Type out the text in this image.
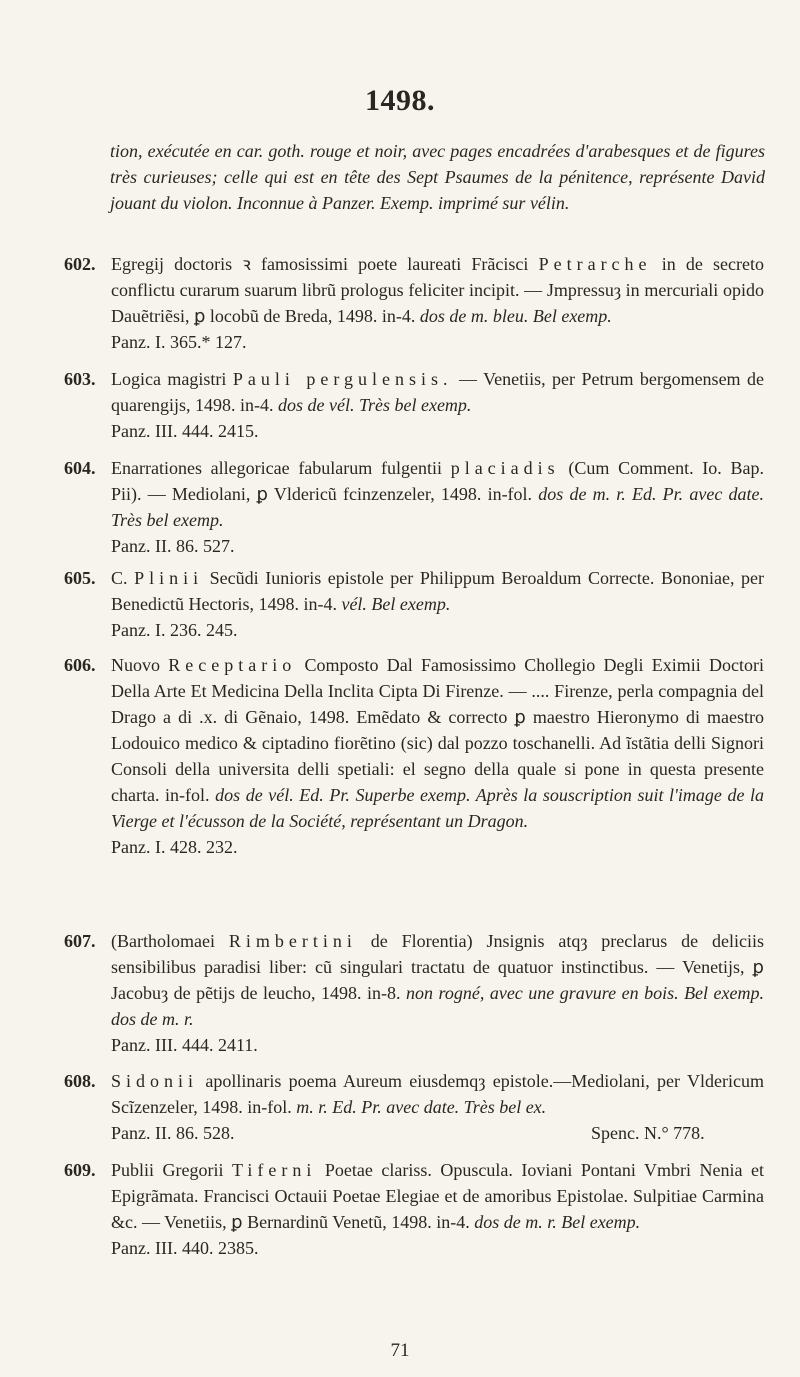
1498.
tion, exécutée en car. goth. rouge et noir, avec pages encadrées d'arabesques et de figures très curieuses; celle qui est en tête des Sept Psaumes de la pénitence, représente David jouant du violon. Inconnue à Panzer. Exemp. imprimé sur vélin.
602. Egregij doctoris ꝛ famosissimi poete laureati Frãcisci Petrarche in de secreto conflictu curarum suarum librũ prologus feliciter incipit. — Jmpressuȝ in mercuriali opido Dauẽtriẽsi, ꝑ locobũ de Breda, 1498. in-4. dos de m. bleu. Bel exemp.
Panz. I. 365.* 127.
603. Logica magistri Pauli pergulensis. — Venetiis, per Petrum bergomensem de quarengijs, 1498. in-4. dos de vél. Très bel exemp.
Panz. III. 444. 2415.
604. Enarrationes allegoricae fabularum fulgentii placiadis (Cum Comment. Io. Bap. Pii). — Mediolani, ꝑ Vldericũ fcinzenzeler, 1498. in-fol. dos de m. r. Ed. Pr. avec date. Très bel exemp.
Panz. II. 86. 527.
605. C. Plinii Secũdi Iunioris epistole per Philippum Beroaldum Correcte. Bononiae, per Benedictũ Hectoris, 1498. in-4. vél. Bel exemp.
Panz. I. 236. 245.
606. Nuovo Receptario Composto Dal Famosissimo Chollegio Degli Eximii Doctori Della Arte Et Medicina Della Inclita Cipta Di Firenze. — .... Firenze, perla compagnia del Drago a di .x. di Gẽnaio, 1498. Emẽdato & correcto ꝑ maestro Hieronymo di maestro Lodouico medico & ciptadino fiorẽtino (sic) dal pozzo toschanelli. Ad ĩstãtia delli Signori Consoli della universita delli spetiali: el segno della quale si pone in questa presente charta. in-fol. dos de vél. Ed. Pr. Superbe exemp. Après la souscription suit l'image de la Vierge et l'écusson de la Société, représentant un Dragon.
Panz. I. 428. 232.
607. (Bartholomaei Rimbertini de Florentia) Jnsignis atqȝ preclarus de deliciis sensibilibus paradisi liber: cũ singulari tractatu de quatuor instinctibus. — Venetijs, ꝑ Jacobuȝ de pẽtijs de leucho, 1498. in-8. non rogné, avec une gravure en bois. Bel exemp. dos de m. r.
Panz. III. 444. 2411.
608. Sidonii apollinaris poema Aureum eiusdemqȝ epistole.—Mediolani, per Vldericum Scĩzenzeler, 1498. in-fol. m. r. Ed. Pr. avec date. Très bel ex.
Panz. II. 86. 528.	Spenc. N.° 778.
609. Publii Gregorii Tiferni Poetae clariss. Opuscula. Ioviani Pontani Vmbri Nenia et Epigrãmata. Francisci Octauii Poetae Elegiae et de amoribus Epistolae. Sulpitiae Carmina &c. — Venetiis, ꝑ Bernardinũ Venetũ, 1498. in-4. dos de m. r. Bel exemp.
Panz. III. 440. 2385.
71
